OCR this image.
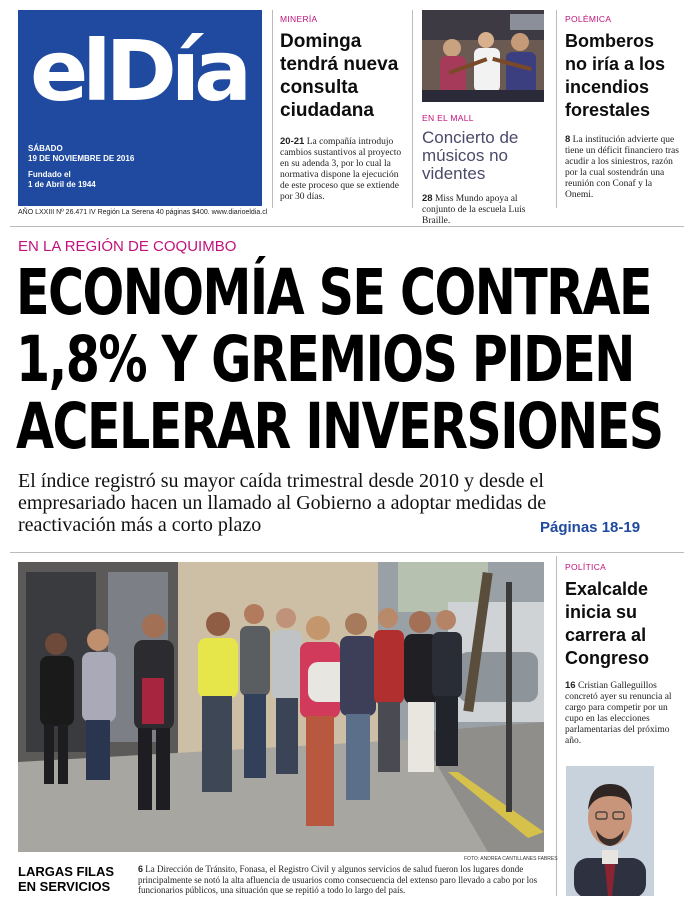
elDía
SÁBADO
19 DE NOVIEMBRE DE 2016
Fundado el
1 de Abril de 1944
AÑO LXXIII Nº 26.471 IV Región La Serena 40 páginas $400. www.diarioeldia.cl
MINERÍA
Dominga tendrá nueva consulta ciudadana
20-21 La compañía introdujo cambios sustantivos al proyecto en su adenda 3, por lo cual la normativa dispone la ejecución de este proceso que se extiende por 30 días.
EN EL MALL
Concierto de músicos no videntes
28 Miss Mundo apoya al conjunto de la escuela Luis Braille.
POLÉMICA
Bomberos no iría a los incendios forestales
8 La institución advierte que tiene un déficit financiero tras acudir a los siniestros, razón por la cual sostendrán una reunión con Conaf y la Onemi.
EN LA REGIÓN DE COQUIMBO
ECONOMÍA SE CONTRAE
1,8% Y GREMIOS PIDEN
ACELERAR INVERSIONES
El índice registró su mayor caída trimestral desde 2010 y desde el empresariado hacen un llamado al Gobierno a adoptar medidas de reactivación más a corto plazo	Páginas 18-19
FOTO: ANDREA CANTILLANES FABRES
LARGAS FILAS
EN SERVICIOS
6 La Dirección de Tránsito, Fonasa, el Registro Civil y algunos servicios de salud fueron los lugares donde principalmente se notó la alta afluencia de usuarios como consecuencia del extenso paro llevado a cabo por los funcionarios públicos, una situación que se repitió a todo lo largo del país.
POLÍTICA
Exalcalde inicia su carrera al Congreso
16 Cristian Galleguillos concretó ayer su renuncia al cargo para competir por un cupo en las elecciones parlamentarias del próximo año.
